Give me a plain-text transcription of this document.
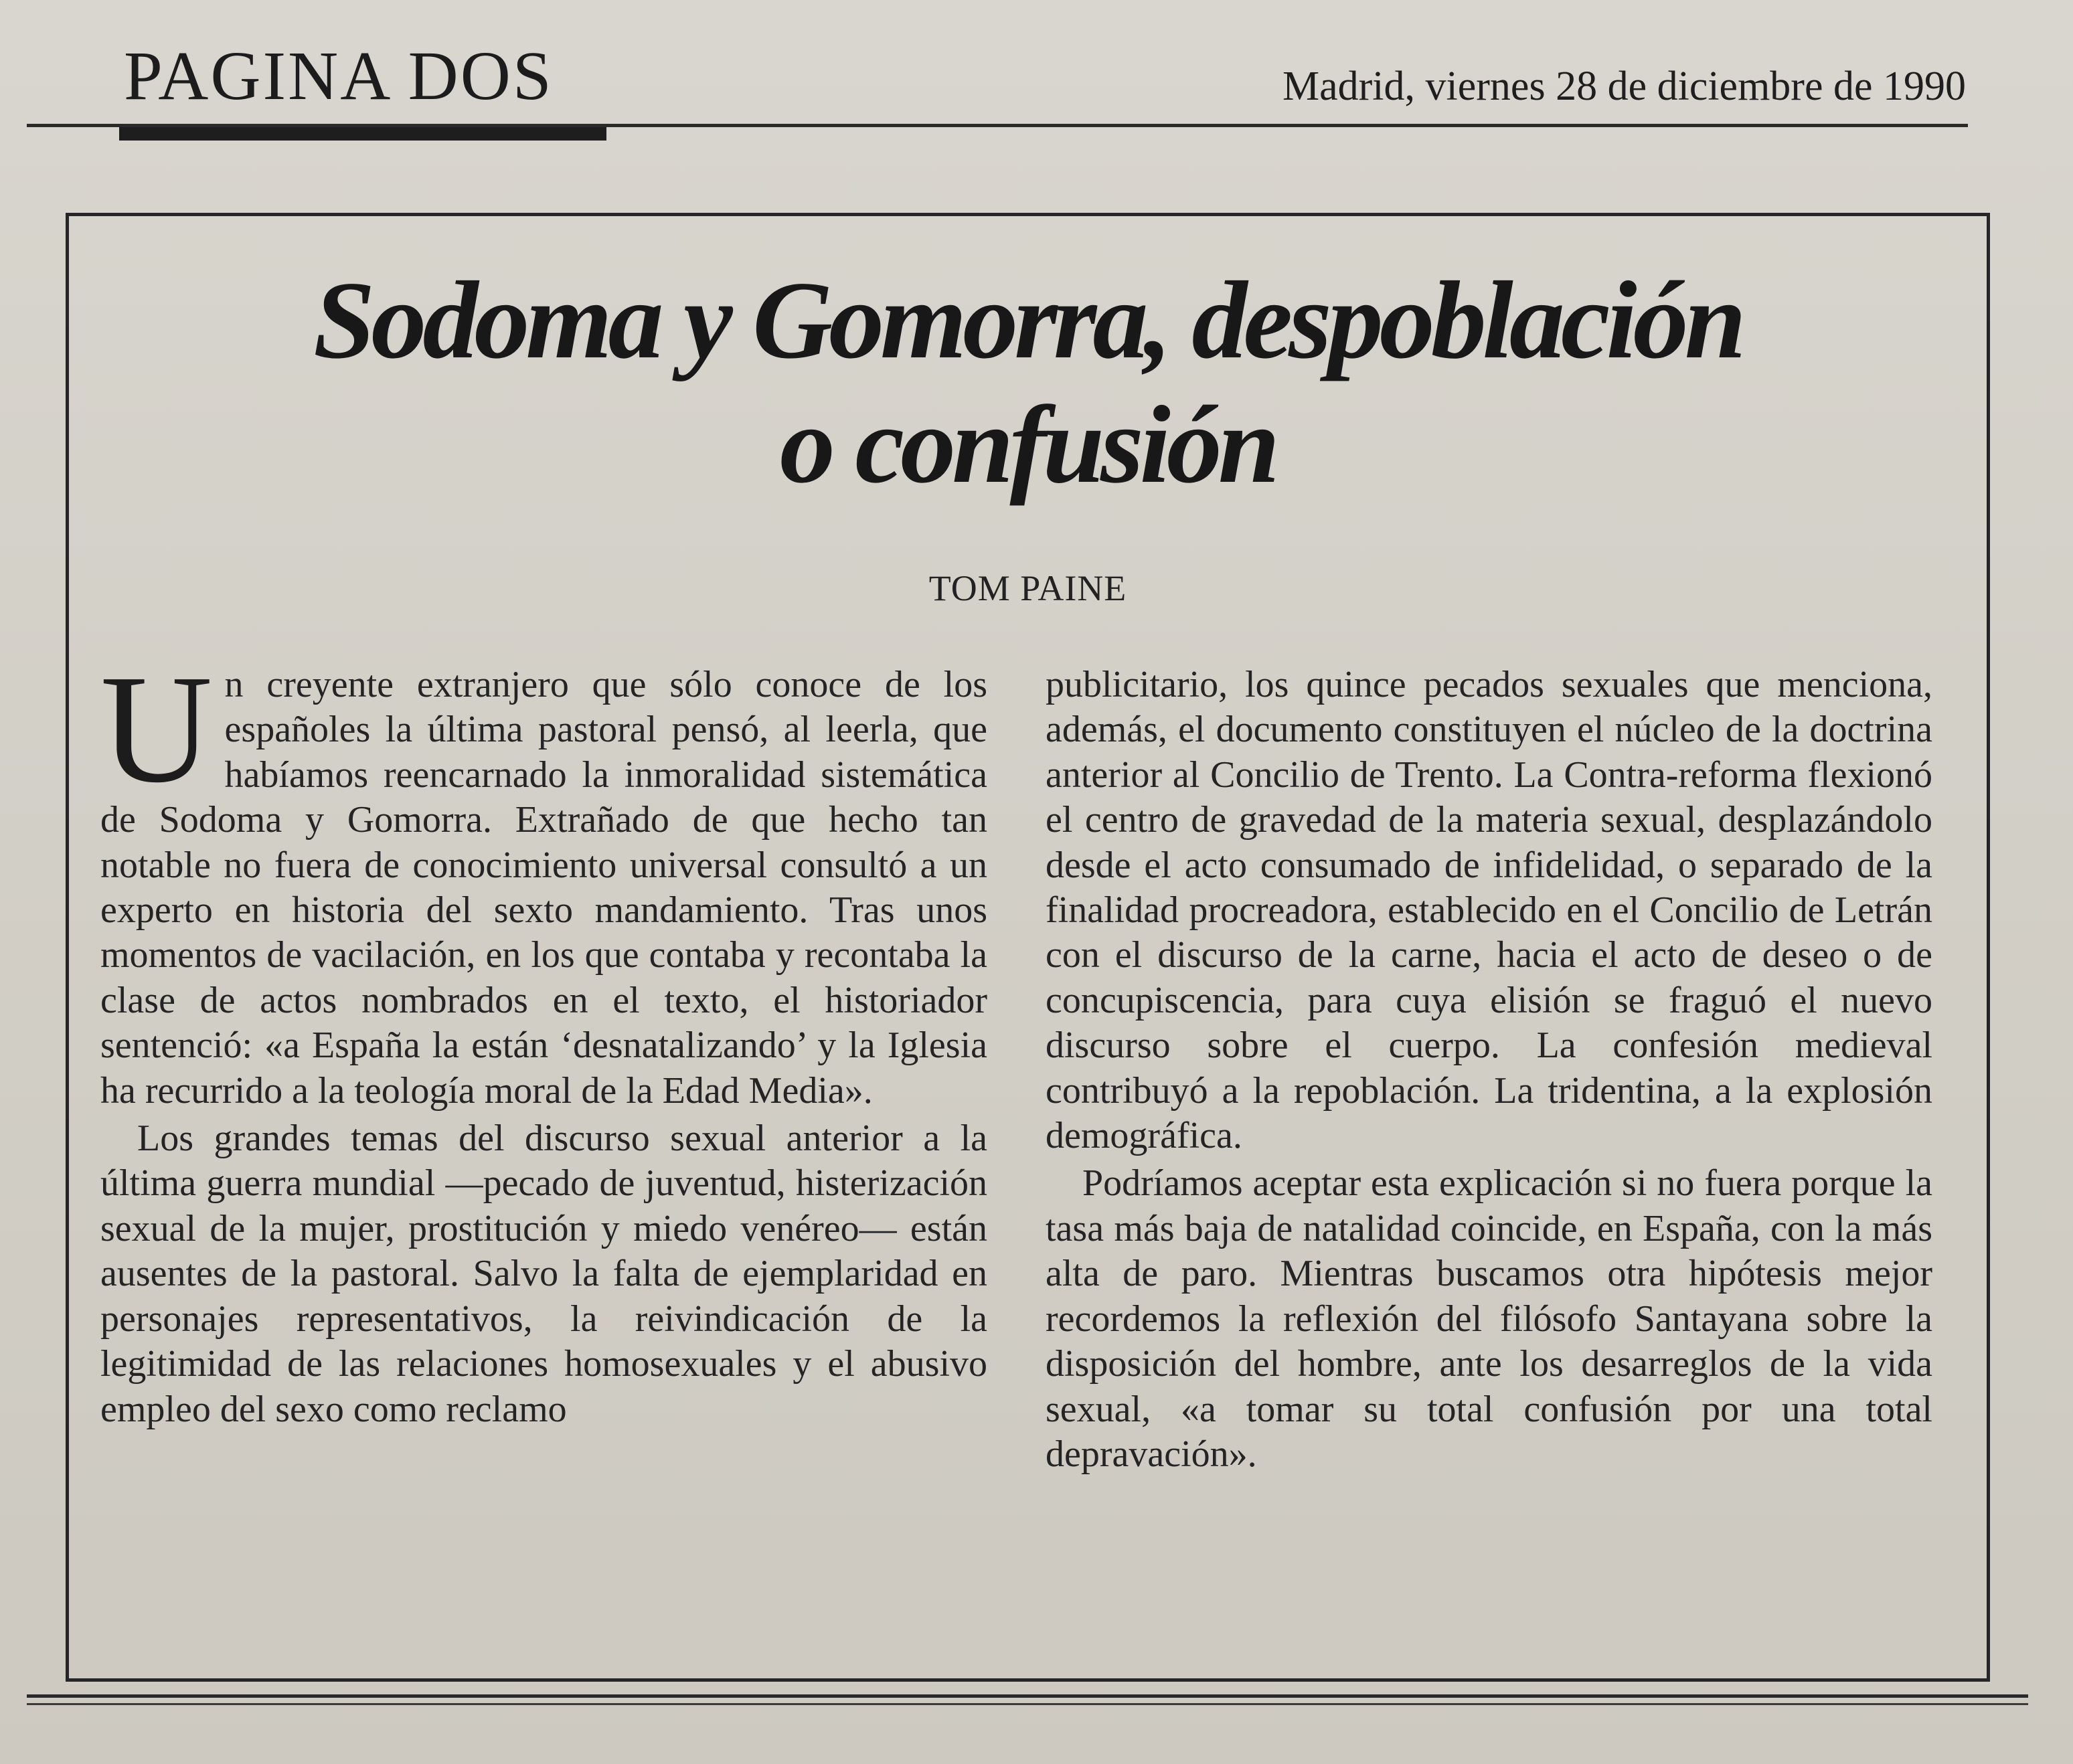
PAGINA DOS	Madrid, viernes 28 de diciembre de 1990
Sodoma y Gomorra, despoblación
o confusión
TOM PAINE

Un creyente extranjero que sólo conoce de los españoles la última pastoral pensó, al leerla, que habíamos reencarnado la inmoralidad sistemática de Sodoma y Gomorra. Extrañado de que hecho tan notable no fuera de conocimiento universal consultó a un experto en historia del sexto mandamiento. Tras unos momentos de vacilación, en los que contaba y recontaba la clase de actos nombrados en el texto, el historiador sentenció: «a España la están ‘desnatalizando’ y la Iglesia ha recurrido a la teología moral de la Edad Media».

Los grandes temas del discurso sexual anterior a la última guerra mundial —pecado de juventud, histerización sexual de la mujer, prostitución y miedo venéreo— están ausentes de la pastoral. Salvo la falta de ejemplaridad en personajes representativos, la reivindicación de la legitimidad de las relaciones homosexuales y el abusivo empleo del sexo como reclamo

publicitario, los quince pecados sexuales que menciona, además, el documento constituyen el núcleo de la doctrina anterior al Concilio de Trento. La Contra-reforma flexionó el centro de gravedad de la materia sexual, desplazándolo desde el acto consumado de infidelidad, o separado de la finalidad procreadora, establecido en el Concilio de Letrán con el discurso de la carne, hacia el acto de deseo o de concupiscencia, para cuya elisión se fraguó el nuevo discurso sobre el cuerpo. La confesión medieval contribuyó a la repoblación. La tridentina, a la explosión demográfica.

Podríamos aceptar esta explicación si no fuera porque la tasa más baja de natalidad coincide, en España, con la más alta de paro. Mientras buscamos otra hipótesis mejor recordemos la reflexión del filósofo Santayana sobre la disposición del hombre, ante los desarreglos de la vida sexual, «a tomar su total confusión por una total depravación».
